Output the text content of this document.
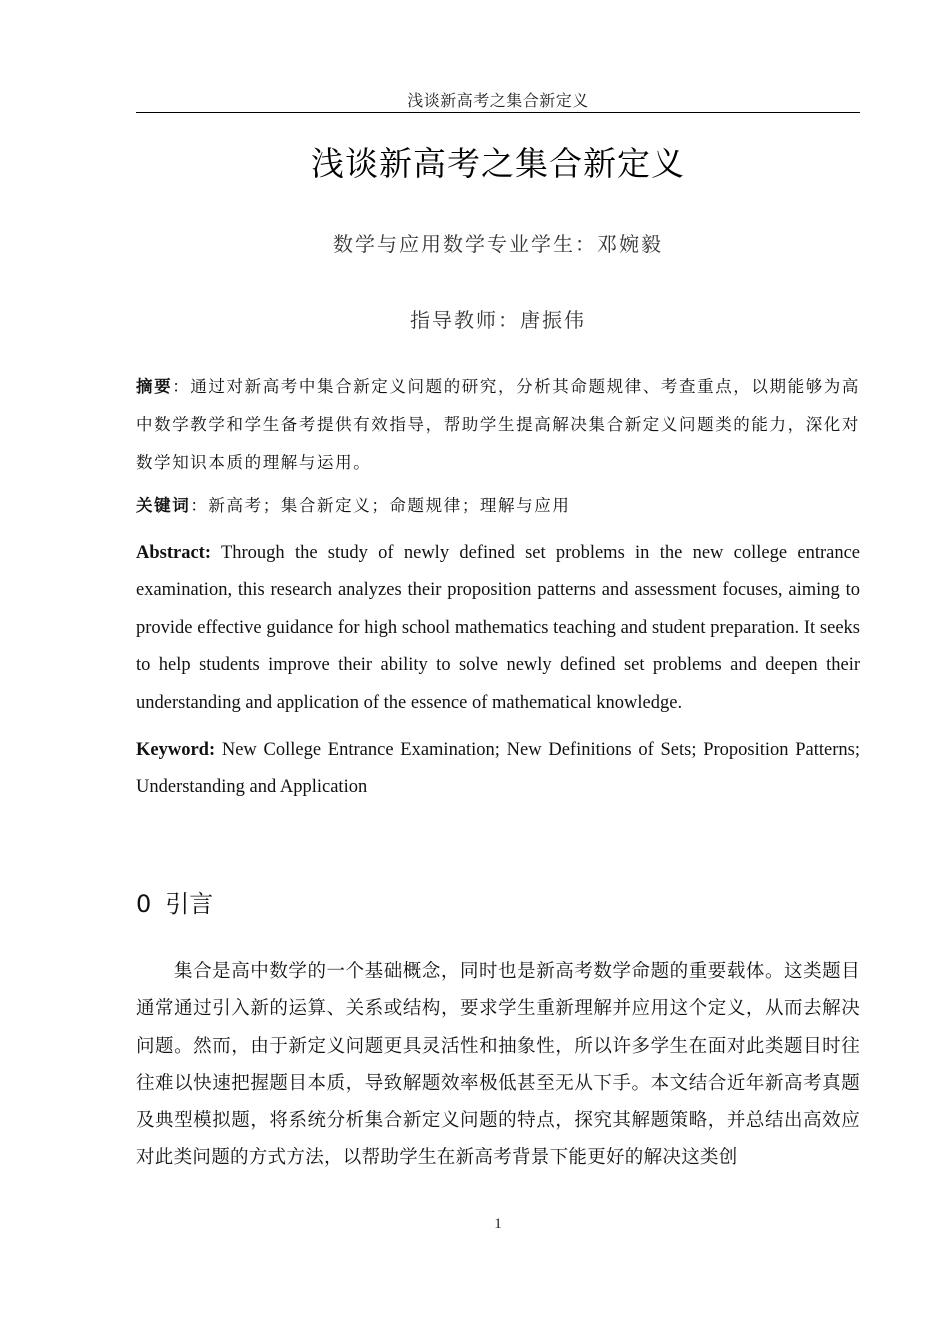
浅谈新高考之集合新定义
浅谈新高考之集合新定义
数学与应用数学专业学生：邓婉毅
指导教师：唐振伟
摘要：通过对新高考中集合新定义问题的研究，分析其命题规律、考查重点，以期能够为高中数学教学和学生备考提供有效指导，帮助学生提高解决集合新定义问题类的能力，深化对数学知识本质的理解与运用。
关键词：新高考；集合新定义；命题规律；理解与应用
Abstract: Through the study of newly defined set problems in the new college entrance examination, this research analyzes their proposition patterns and assessment focuses, aiming to provide effective guidance for high school mathematics teaching and student preparation. It seeks to help students improve their ability to solve newly defined set problems and deepen their understanding and application of the essence of mathematical knowledge.
Keyword: New College Entrance Examination; New Definitions of Sets; Proposition Patterns; Understanding and Application
0 引言
集合是高中数学的一个基础概念，同时也是新高考数学命题的重要载体。这类题目通常通过引入新的运算、关系或结构，要求学生重新理解并应用这个定义，从而去解决问题。然而，由于新定义问题更具灵活性和抽象性，所以许多学生在面对此类题目时往往难以快速把握题目本质，导致解题效率极低甚至无从下手。本文结合近年新高考真题及典型模拟题，将系统分析集合新定义问题的特点，探究其解题策略，并总结出高效应对此类问题的方式方法，以帮助学生在新高考背景下能更好的解决这类创
1
